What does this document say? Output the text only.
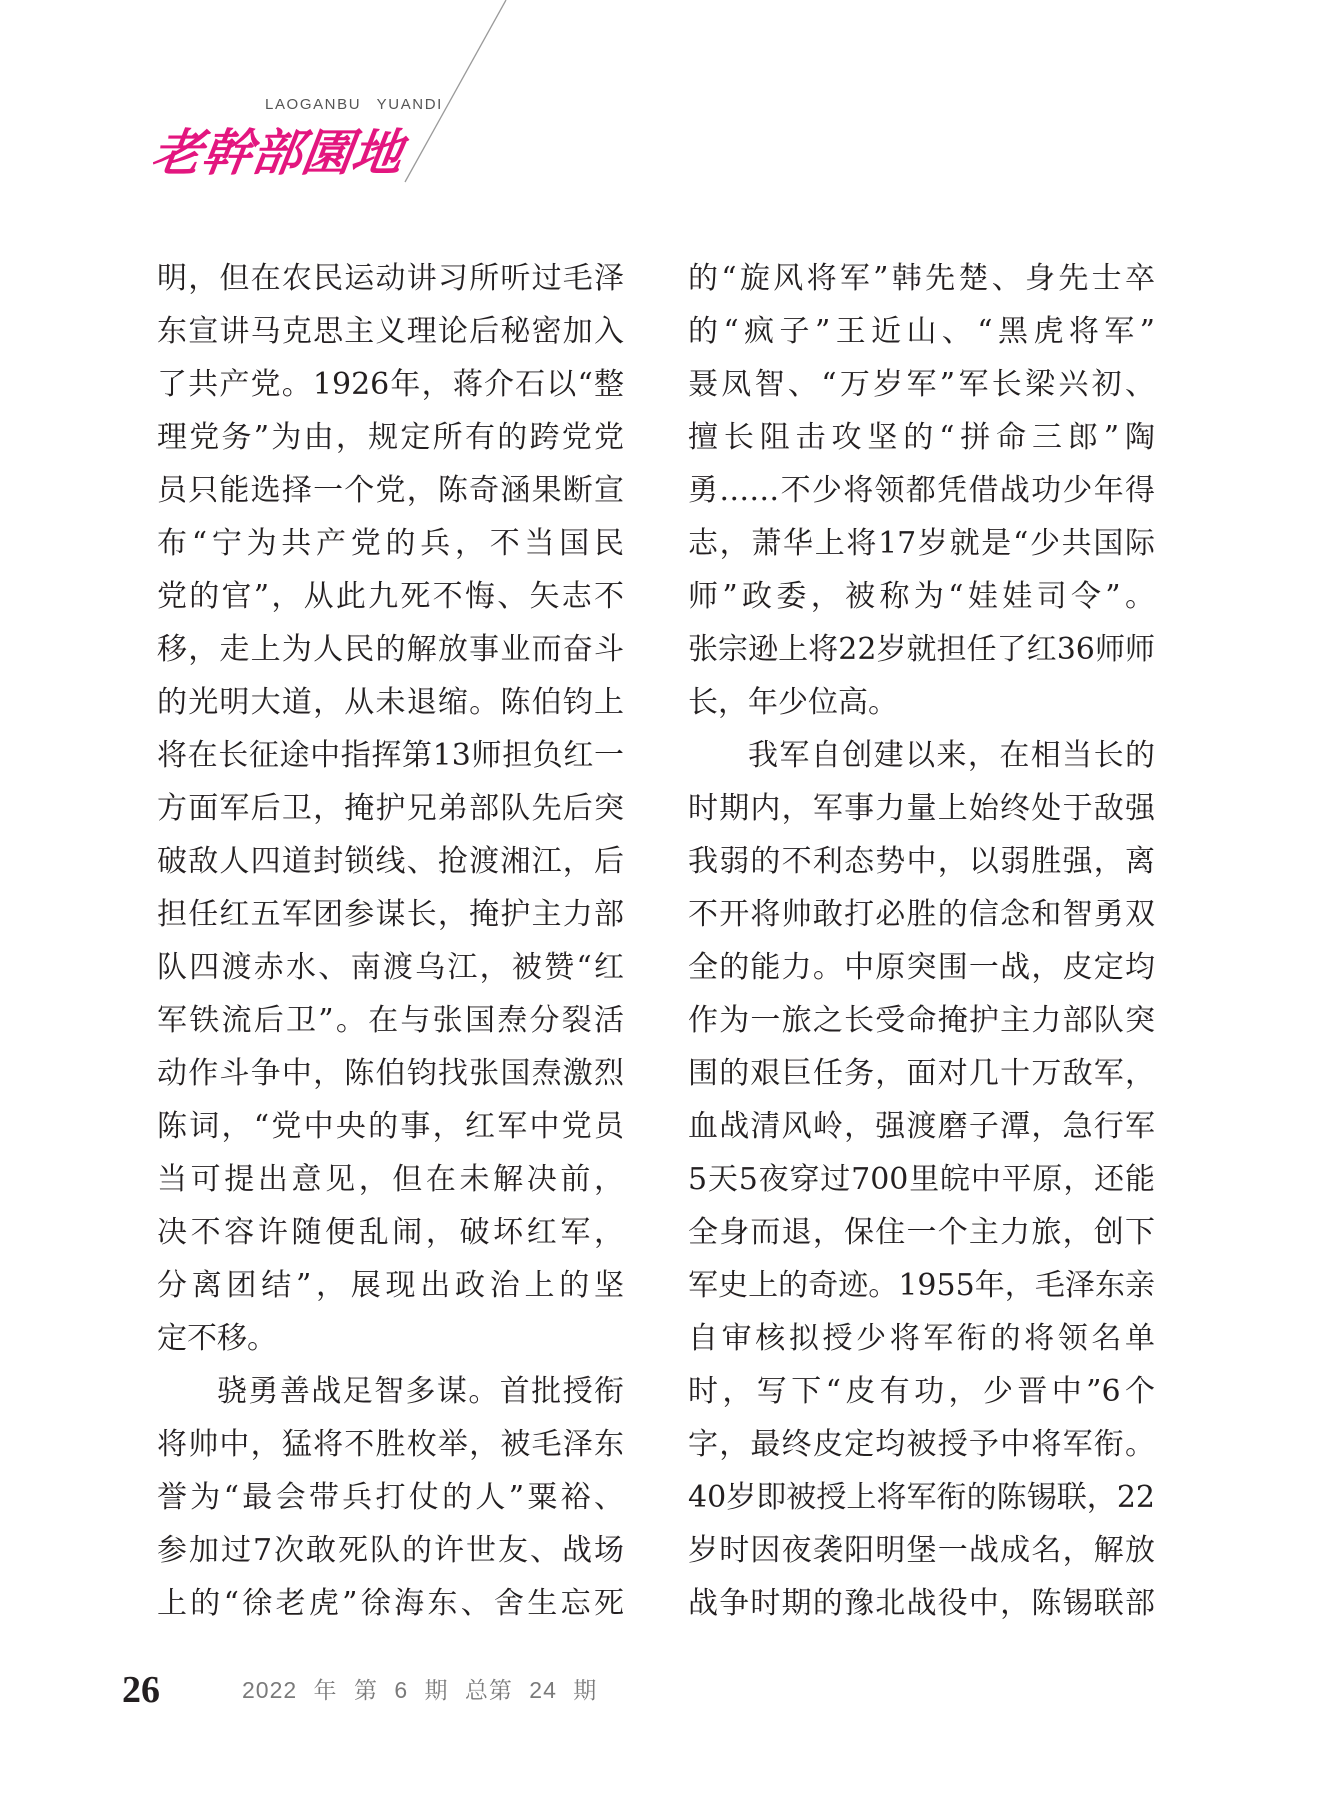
LAOGANBU YUANDI
老幹部園地
明，但在农民运动讲习所听过毛泽
东宣讲马克思主义理论后秘密加入
了共产党。1926年，蒋介石以“整
理党务”为由，规定所有的跨党党
员只能选择一个党，陈奇涵果断宣
布“宁为共产党的兵，不当国民
党的官”，从此九死不悔、矢志不
移，走上为人民的解放事业而奋斗
的光明大道，从未退缩。陈伯钧上
将在长征途中指挥第13师担负红一
方面军后卫，掩护兄弟部队先后突
破敌人四道封锁线、抢渡湘江，后
担任红五军团参谋长，掩护主力部
队四渡赤水、南渡乌江，被赞“红
军铁流后卫”。在与张国焘分裂活
动作斗争中，陈伯钧找张国焘激烈
陈词，“党中央的事，红军中党员
当可提出意见，但在未解决前，
决不容许随便乱闹，破坏红军，
分离团结”，展现出政治上的坚
定不移。
骁勇善战足智多谋。首批授衔
将帅中，猛将不胜枚举，被毛泽东
誉为“最会带兵打仗的人”粟裕、
参加过7次敢死队的许世友、战场
上的“徐老虎”徐海东、舍生忘死
的“旋风将军”韩先楚、身先士卒
的“疯子”王近山、“黑虎将军”
聂凤智、“万岁军”军长梁兴初、
擅长阻击攻坚的“拼命三郎”陶
勇……不少将领都凭借战功少年得
志，萧华上将17岁就是“少共国际
师”政委，被称为“娃娃司令”。
张宗逊上将22岁就担任了红36师师
长，年少位高。
我军自创建以来，在相当长的
时期内，军事力量上始终处于敌强
我弱的不利态势中，以弱胜强，离
不开将帅敢打必胜的信念和智勇双
全的能力。中原突围一战，皮定均
作为一旅之长受命掩护主力部队突
围的艰巨任务，面对几十万敌军，
血战清风岭，强渡磨子潭，急行军
5天5夜穿过700里皖中平原，还能
全身而退，保住一个主力旅，创下
军史上的奇迹。1955年，毛泽东亲
自审核拟授少将军衔的将领名单
时，写下“皮有功，少晋中”6个
字，最终皮定均被授予中将军衔。
40岁即被授上将军衔的陈锡联，22
岁时因夜袭阳明堡一战成名，解放
战争时期的豫北战役中，陈锡联部
26	2022 年 第 6 期 总第 24 期
